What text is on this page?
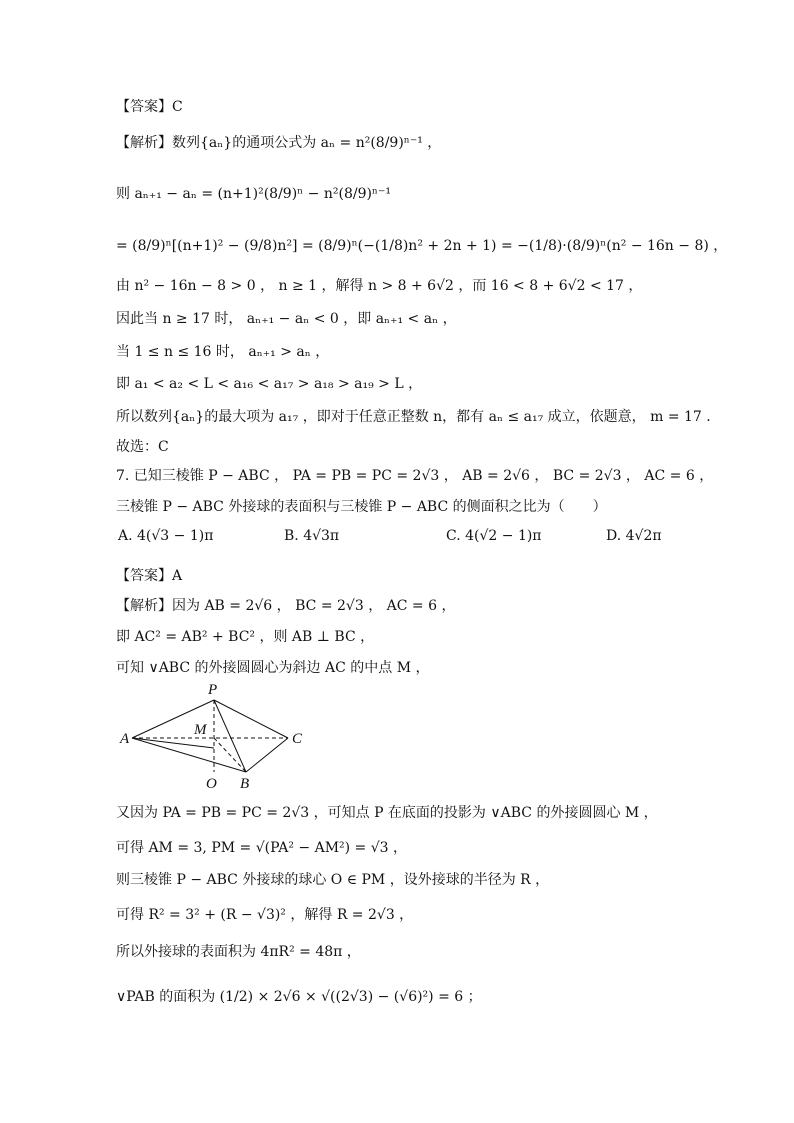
【答案】C
【解析】数列{aₙ}的通项公式为 aₙ = n²(8/9)ⁿ⁻¹ ，
则 aₙ₊₁ − aₙ = (n+1)²(8/9)ⁿ − n²(8/9)ⁿ⁻¹
= (8/9)ⁿ[(n+1)² − (9/8)n²] = (8/9)ⁿ(−(1/8)n² + 2n + 1) = −(1/8)·(8/9)ⁿ(n² − 16n − 8) ，
由 n² − 16n − 8 > 0 ， n ≥ 1 ，解得 n > 8 + 6√2 ，而 16 < 8 + 6√2 < 17 ，
因此当 n ≥ 17 时， aₙ₊₁ − aₙ < 0 ，即 aₙ₊₁ < aₙ ，
当 1 ≤ n ≤ 16 时， aₙ₊₁ > aₙ ，
即 a₁ < a₂ < L < a₁₆ < a₁₇ > a₁₈ > a₁₉ > L ，
所以数列{aₙ}的最大项为 a₁₇ ，即对于任意正整数 n，都有 aₙ ≤ a₁₇ 成立，依题意， m = 17 .
故选：C
7. 已知三棱锥 P − ABC ， PA = PB = PC = 2√3 ， AB = 2√6 ， BC = 2√3 ， AC = 6 ，
三棱锥 P − ABC 外接球的表面积与三棱锥 P − ABC 的侧面积之比为（　　）
A. 4(√3 − 1)π	B. 4√3π	C. 4(√2 − 1)π	D. 4√2π
【答案】A
【解析】因为 AB = 2√6 ， BC = 2√3 ， AC = 6 ，
即 AC² = AB² + BC² ，则 AB ⊥ BC ，
可知 ∨ABC 的外接圆圆心为斜边 AC 的中点 M ，
P
M
A	C
O B
又因为 PA = PB = PC = 2√3 ，可知点 P 在底面的投影为 ∨ABC 的外接圆圆心 M ，
可得 AM = 3, PM = √(PA² − AM²) = √3 ，
则三棱锥 P − ABC 外接球的球心 O ∈ PM ，设外接球的半径为 R ，
可得 R² = 3² + (R − √3)² ，解得 R = 2√3 ，
所以外接球的表面积为 4πR² = 48π ，
∨PAB 的面积为 (1/2) × 2√6 × √((2√3) − (√6)²) = 6 ；
